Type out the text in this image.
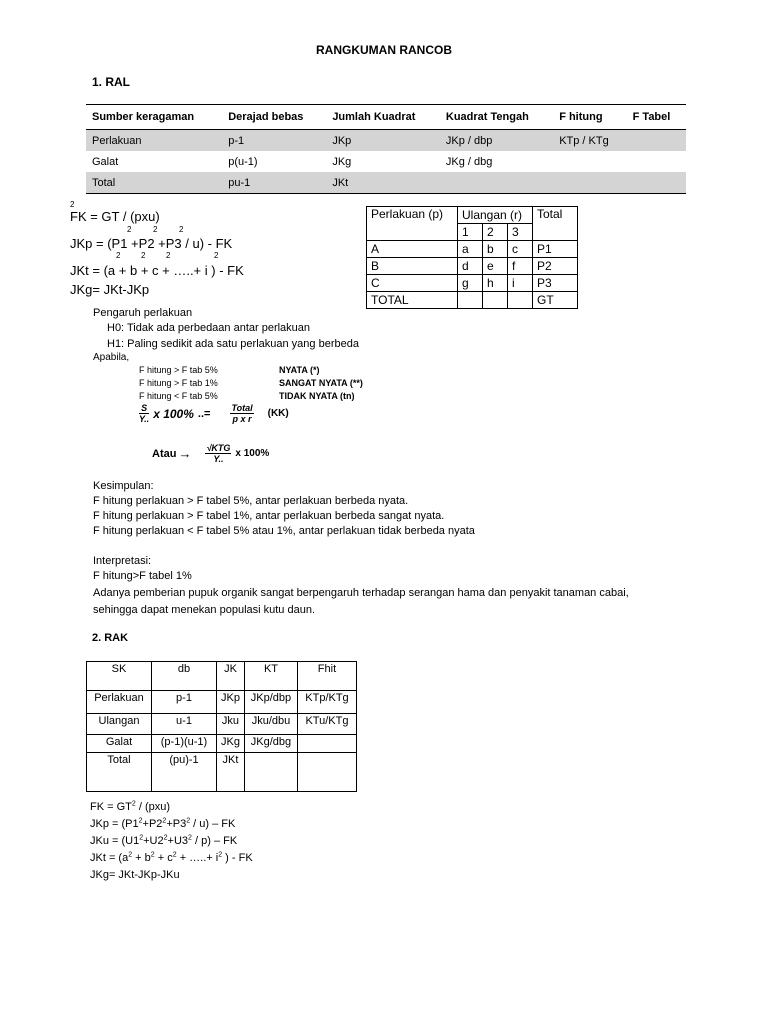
RANGKUMAN RANCOB
1. RAL
Sumber keragaman	Derajad bebas	Jumlah Kuadrat	Kuadrat Tengah	F hitung	F Tabel
Perlakuan	p-1	JKp	JKp / dbp	KTp / KTg	
Galat	p(u-1)	JKg	JKg / dbg		
Total	pu-1	JKt			
2
FK = GT / (pxu)
2	2	2
JKp = (P1 +P2 +P3 / u) - FK
2	2	2	2
JKt = (a + b + c + …..+ i ) - FK
JKg= JKt-JKp
Perlakuan (p)	Ulangan (r)			Total
	1	2	3	
A	a	b	c	P1
B	d	e	f	P2
C	g	h	i	P3
TOTAL				GT
Pengaruh perlakuan
H0: Tidak ada perbedaan antar perlakuan
H1: Paling sedikit ada satu perlakuan yang berbeda
Apabila,
F hitung > F tab 5%	NYATA (*)
F hitung > F tab 1%	SANGAT NYATA (**)
F hitung < F tab 5%	TIDAK NYATA (tn)
$\frac{S}{Y..}$ x 100% ..= $\frac{\text{Total}}{\text{p x r}} (KK)$
Atau → $\frac{\text{√KTG}}{Y..}$ x 100%
Kesimpulan:
F hitung perlakuan > F tabel 5%, antar perlakuan berbeda nyata.
F hitung perlakuan > F tabel 1%, antar perlakuan berbeda sangat nyata.
F hitung perlakuan < F tabel 5% atau 1%, antar perlakuan tidak berbeda nyata
Interpretasi:
F hitung>F tabel 1%
Adanya pemberian pupuk organik sangat berpengaruh terhadap serangan hama dan penyakit tanaman cabai,
sehingga dapat menekan populasi kutu daun.
2. RAK
SK	db	JK	KT	Fhit
Perlakuan	p-1	JKp	JKp/dbp	KTp/KTg
Ulangan	u-1	Jku	Jku/dbu	KTu/KTg
Galat	(p-1)(u-1)	JKg	JKg/dbg	
Total	(pu)-1	JKt		
FK = $GT^2 / (pxu)$
JKp = $(P1^2+P2^2+P3^2 / u)$ – FK
JKu = $(U1^2+U2^2+U3^2 / p)$ – FK
JKt = ($a^2 + b^2 + c^2$ + …..+ $i^2$ ) - FK
JKg= JKt-JKp-JKu
